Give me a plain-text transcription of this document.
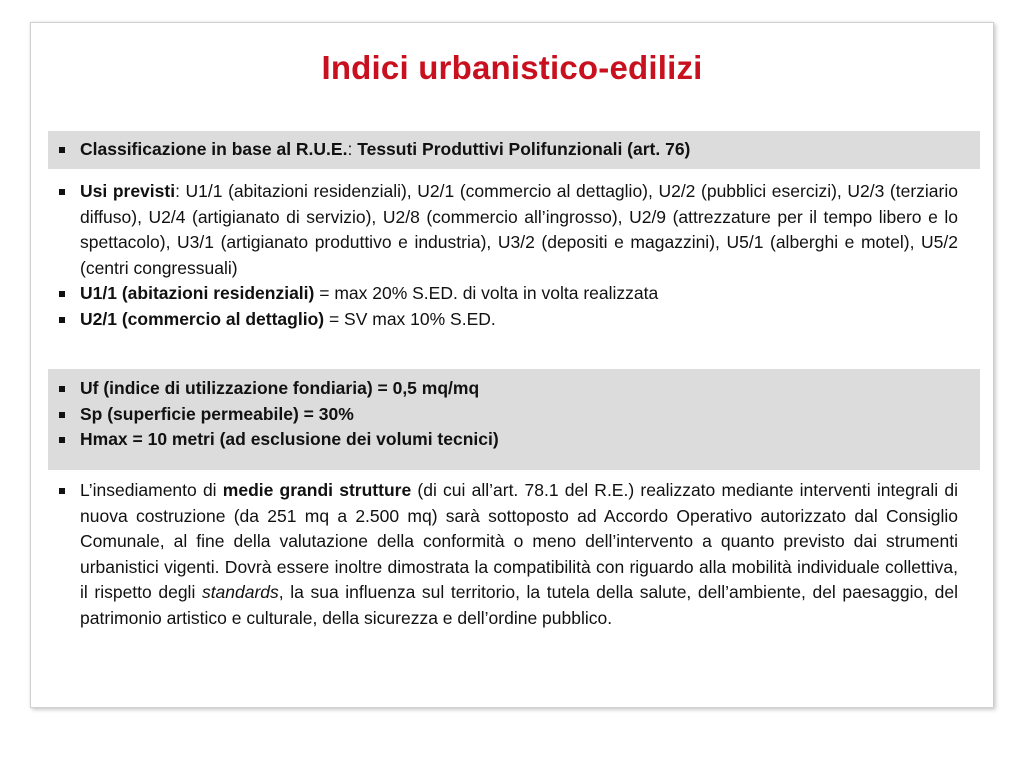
Indici urbanistico-edilizi

Classificazione in base al R.U.E.: Tessuti Produttivi Polifunzionali (art. 76)

Usi previsti: U1/1 (abitazioni residenziali), U2/1 (commercio al dettaglio), U2/2 (pubblici esercizi), U2/3 (terziario diffuso), U2/4 (artigianato di servizio), U2/8 (commercio all’ingrosso), U2/9 (attrezzature per il tempo libero e lo spettacolo), U3/1 (artigianato produttivo e industria), U3/2 (depositi e magazzini), U5/1 (alberghi e motel), U5/2 (centri congressuali)

U1/1 (abitazioni residenziali) = max 20% S.ED. di volta in volta realizzata

U2/1 (commercio al dettaglio) = SV max 10% S.ED.

Uf (indice di utilizzazione fondiaria) = 0,5 mq/mq

Sp (superficie permeabile) = 30%

Hmax = 10 metri (ad esclusione dei volumi tecnici)

L’insediamento di medie grandi strutture (di cui all’art. 78.1 del R.E.) realizzato mediante interventi integrali di nuova costruzione (da 251 mq a 2.500 mq) sarà sottoposto ad Accordo Operativo autorizzato dal Consiglio Comunale, al fine della valutazione della conformità o meno dell’intervento a quanto previsto dai strumenti urbanistici vigenti. Dovrà essere inoltre dimostrata la compatibilità con riguardo alla mobilità individuale collettiva, il rispetto degli standards, la sua influenza sul territorio, la tutela della salute, dell’ambiente, del paesaggio, del patrimonio artistico e culturale, della sicurezza e dell’ordine pubblico.
